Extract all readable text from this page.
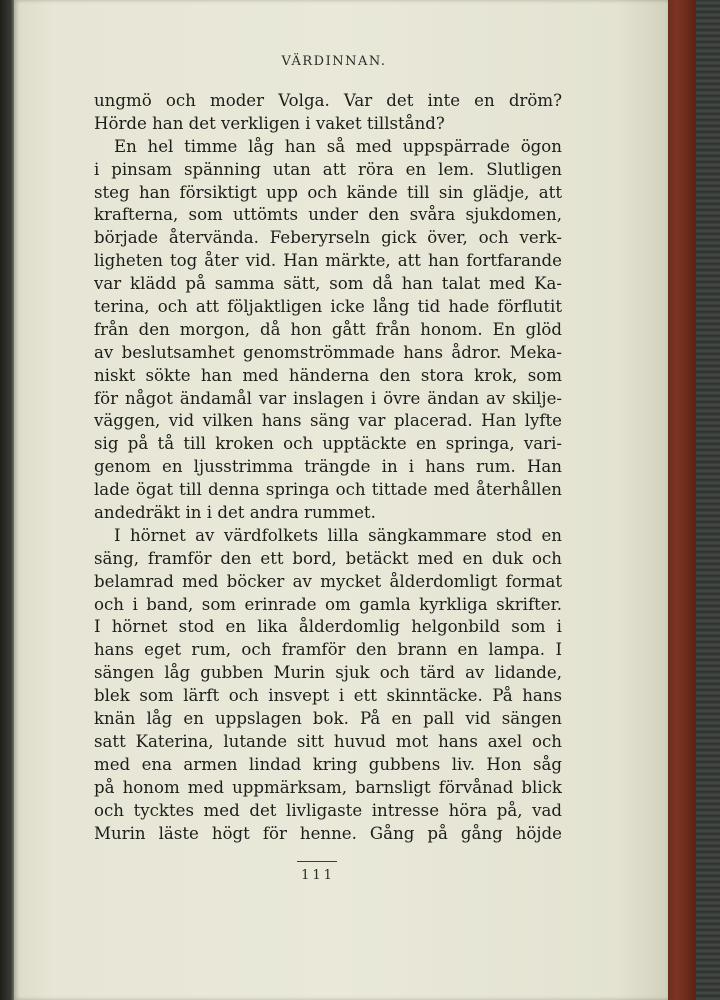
VÄRDINNAN.
ungmö och moder Volga. Var det inte en dröm?
Hörde han det verkligen i vaket tillstånd?
En hel timme låg han så med uppspärrade ögon
i pinsam spänning utan att röra en lem. Slutligen
steg han försiktigt upp och kände till sin glädje, att
krafterna, som uttömts under den svåra sjukdomen,
började återvända. Feberyrseln gick över, och verk-
ligheten tog åter vid. Han märkte, att han fortfarande
var klädd på samma sätt, som då han talat med Ka-
terina, och att följaktligen icke lång tid hade förflutit
från den morgon, då hon gått från honom. En glöd
av beslutsamhet genomströmmade hans ådror. Meka-
niskt sökte han med händerna den stora krok, som
för något ändamål var inslagen i övre ändan av skilje-
väggen, vid vilken hans säng var placerad. Han lyfte
sig på tå till kroken och upptäckte en springa, vari-
genom en ljusstrimma trängde in i hans rum. Han
lade ögat till denna springa och tittade med återhållen
andedräkt in i det andra rummet.
I hörnet av värdfolkets lilla sängkammare stod en
säng, framför den ett bord, betäckt med en duk och
belamrad med böcker av mycket ålderdomligt format
och i band, som erinrade om gamla kyrkliga skrifter.
I hörnet stod en lika ålderdomlig helgonbild som i
hans eget rum, och framför den brann en lampa. I
sängen låg gubben Murin sjuk och tärd av lidande,
blek som lärft och insvept i ett skinntäcke. På hans
knän låg en uppslagen bok. På en pall vid sängen
satt Katerina, lutande sitt huvud mot hans axel och
med ena armen lindad kring gubbens liv. Hon såg
på honom med uppmärksam, barnsligt förvånad blick
och tycktes med det livligaste intresse höra på, vad
Murin läste högt för henne. Gång på gång höjde
111
